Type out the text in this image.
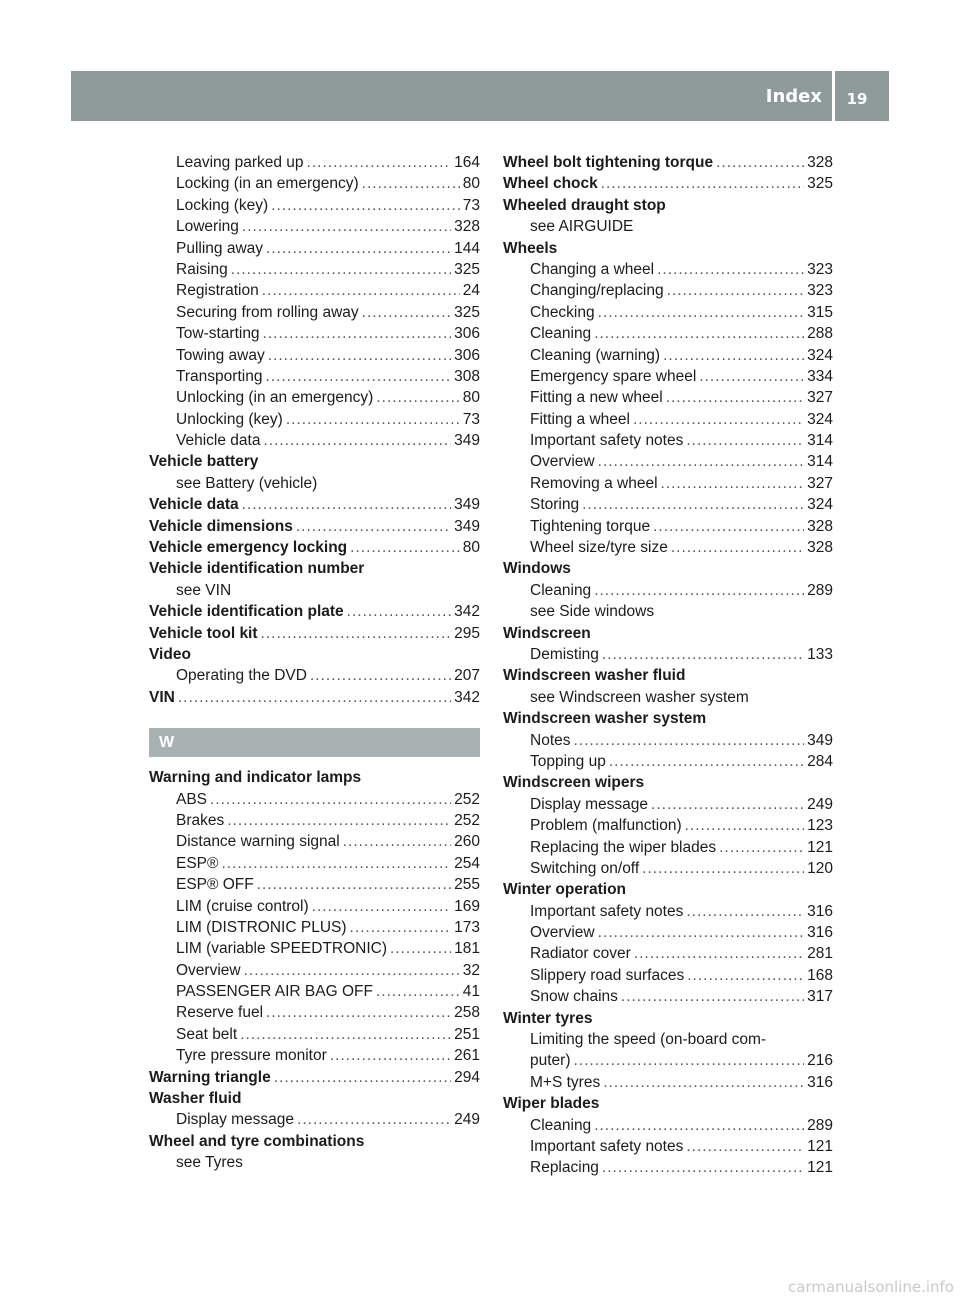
Index	19
Leaving parked up .....	164
Locking (in an emergency) .....	80
Locking (key) .....	73
Lowering .....	328
Pulling away .....	144
Raising .....	325
Registration .....	24
Securing from rolling away .....	325
Tow-starting .....	306
Towing away .....	306
Transporting .....	308
Unlocking (in an emergency) .....	80
Unlocking (key) .....	73
Vehicle data .....	349
Vehicle battery
see Battery (vehicle)
Vehicle data .....	349
Vehicle dimensions .....	349
Vehicle emergency locking .....	80
Vehicle identification number
see VIN
Vehicle identification plate .....	342
Vehicle tool kit .....	295
Video
Operating the DVD .....	207
VIN .....	342
W
Warning and indicator lamps
ABS .....	252
Brakes .....	252
Distance warning signal .....	260
ESP® .....	254
ESP® OFF .....	255
LIM (cruise control) .....	169
LIM (DISTRONIC PLUS) .....	173
LIM (variable SPEEDTRONIC) .....	181
Overview .....	32
PASSENGER AIR BAG OFF .....	41
Reserve fuel .....	258
Seat belt .....	251
Tyre pressure monitor .....	261
Warning triangle .....	294
Washer fluid
Display message .....	249
Wheel and tyre combinations
see Tyres
Wheel bolt tightening torque .....	328
Wheel chock .....	325
Wheeled draught stop
see AIRGUIDE
Wheels
Changing a wheel .....	323
Changing/replacing .....	323
Checking .....	315
Cleaning .....	288
Cleaning (warning) .....	324
Emergency spare wheel .....	334
Fitting a new wheel .....	327
Fitting a wheel .....	324
Important safety notes .....	314
Overview .....	314
Removing a wheel .....	327
Storing .....	324
Tightening torque .....	328
Wheel size/tyre size .....	328
Windows
Cleaning .....	289
see Side windows
Windscreen
Demisting .....	133
Windscreen washer fluid
see Windscreen washer system
Windscreen washer system
Notes .....	349
Topping up .....	284
Windscreen wipers
Display message .....	249
Problem (malfunction) .....	123
Replacing the wiper blades .....	121
Switching on/off .....	120
Winter operation
Important safety notes .....	316
Overview .....	316
Radiator cover .....	281
Slippery road surfaces .....	168
Snow chains .....	317
Winter tyres
Limiting the speed (on-board com-
puter) .....	216
M+S tyres .....	316
Wiper blades
Cleaning .....	289
Important safety notes .....	121
Replacing .....	121
carmanualsonline.info
